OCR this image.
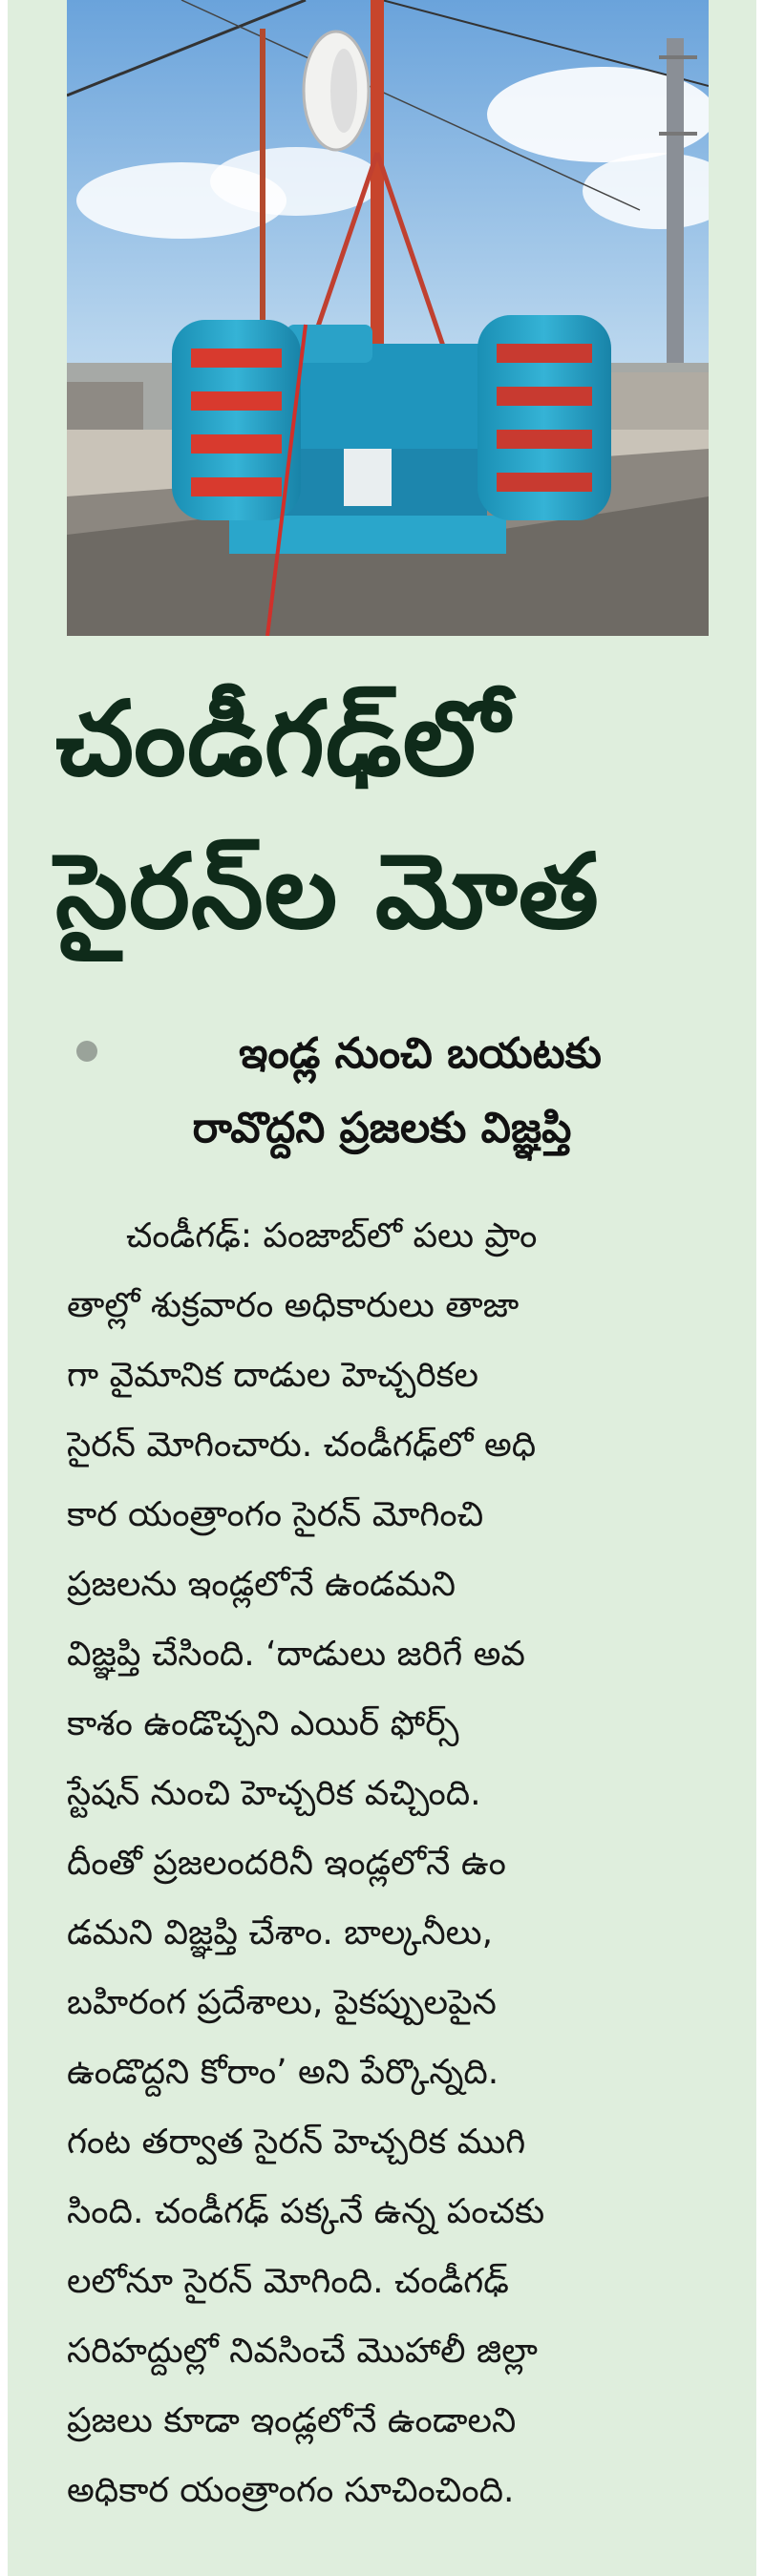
చండీగఢ్‌లో
సైరన్‌ల మోత
ఇండ్ల నుంచి బయటకు
రావొద్దని ప్రజలకు విజ్ఞప్తి
చండీగఢ్‌: పంజాబ్‌లో పలు ప్రాం
తాల్లో శుక్రవారం అధికారులు తాజా
గా వైమానిక దాడుల హెచ్చరికల
సైరన్‌ మోగించారు. చండీగఢ్‌లో అధి
కార యంత్రాంగం సైరన్‌ మోగించి
ప్రజలను ఇండ్లలోనే ఉండమని
విజ్ఞప్తి చేసింది. ‘దాడులు జరిగే అవ
కాశం ఉండొచ్చని ఎయిర్‌ ఫోర్స్‌
స్టేషన్‌ నుంచి హెచ్చరిక వచ్చింది.
దీంతో ప్రజలందరినీ ఇండ్లలోనే ఉం
డమని విజ్ఞప్తి చేశాం. బాల్కనీలు,
బహిరంగ ప్రదేశాలు, పైకప్పులపైన
ఉండొద్దని కోరాం’ అని పేర్కొన్నది.
గంట తర్వాత సైరన్‌ హెచ్చరిక ముగి
సింది. చండీగఢ్‌ పక్కనే ఉన్న పంచకు
లలోనూ సైరన్‌ మోగింది. చండీగఢ్‌
సరిహద్దుల్లో నివసించే మొహాలీ జిల్లా
ప్రజలు కూడా ఇండ్లలోనే ఉండాలని
అధికార యంత్రాంగం సూచించింది.
